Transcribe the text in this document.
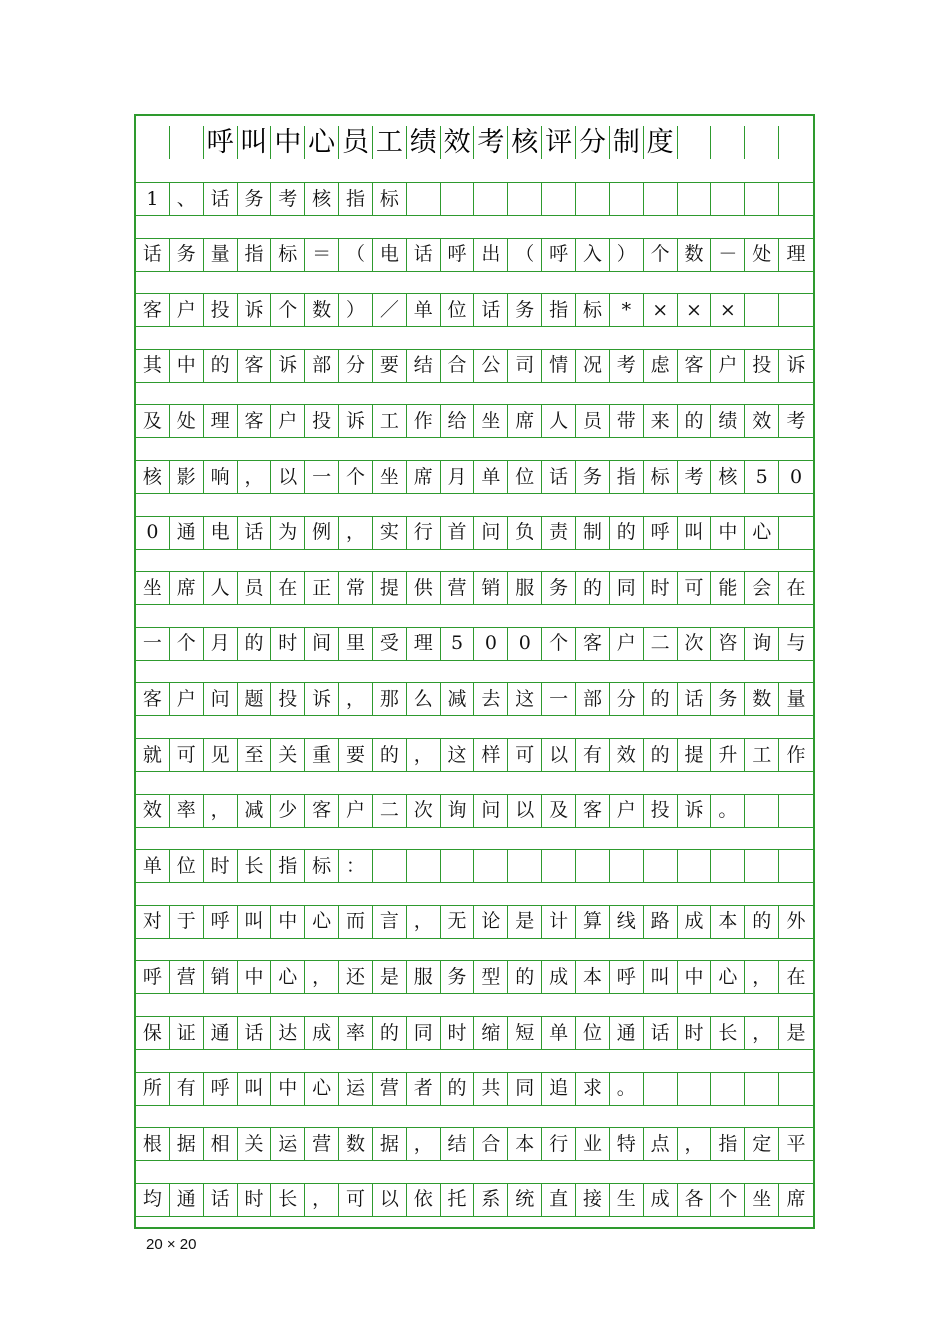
呼 叫 中 心 员 工 绩 效 考 核 评 分 制 度
1 、 话 务 考 核 指 标
话 务 量 指 标 ＝ （ 电 话 呼 出 （ 呼 入 ） 个 数 － 处 理
客 户 投 诉 个 数 ） ／ 单 位 话 务 指 标	*	× × ×
其 中 的 客 诉 部 分 要 结 合 公 司 情 况 考 虑 客 户 投 诉
及 处 理 客 户 投 诉 工 作 给 坐 席 人 员 带 来 的 绩 效 考
核 影 响 ， 以 一 个 坐 席 月 单 位 话 务 指 标 考 核 5	0
0 通 电 话 为 例 ， 实 行 首 问 负 责 制 的 呼 叫 中 心
坐 席 人 员 在 正 常 提 供 营 销 服 务 的 同 时 可 能 会 在
一 个 月 的 时 间 里 受 理 5	0	0 个 客 户 二 次 咨 询 与
客 户 问 题 投 诉 ， 那 么 减 去 这 一 部 分 的 话 务 数 量
就 可 见 至 关 重 要 的 ， 这 样 可 以 有 效 的 提 升 工 作
效 率 ， 减 少 客 户 二 次 询 问 以 及 客 户 投 诉 。
单 位 时 长 指 标 ：
对 于 呼 叫 中 心 而 言 ， 无 论 是 计 算 线 路 成 本 的 外
呼 营 销 中 心 ， 还 是 服 务 型 的 成 本 呼 叫 中 心 ， 在
保 证 通 话 达 成 率 的 同 时 缩 短 单 位 通 话 时 长 ， 是
所 有 呼 叫 中 心 运 营 者 的 共 同 追 求 。
根 据 相 关 运 营 数 据 ， 结 合 本 行 业 特 点 ， 指 定 平
均 通 话 时 长 ， 可 以 依 托 系 统 直 接 生 成 各 个 坐 席
20 × 20
